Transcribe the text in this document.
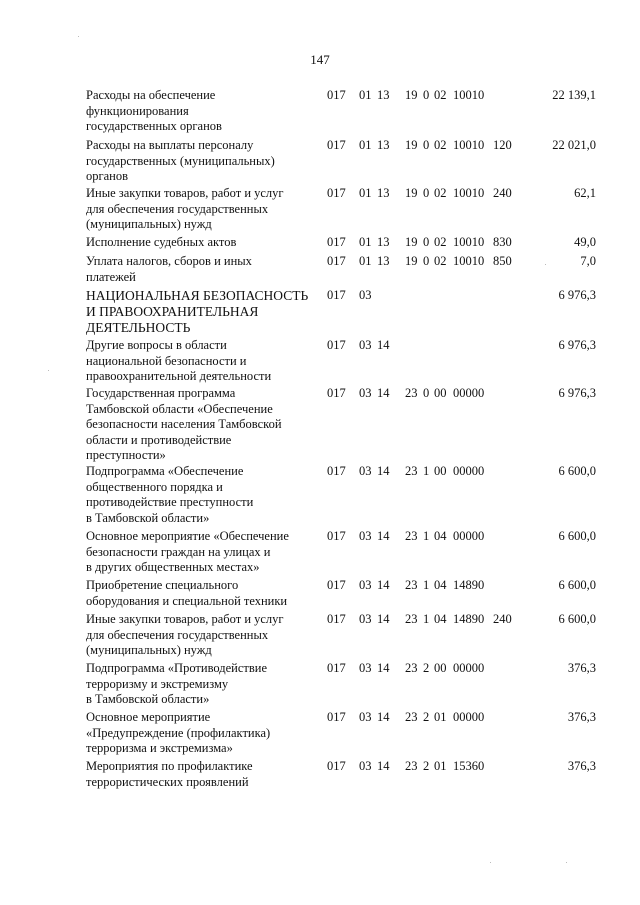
147
Расходы на обеспечение
функционирования
государственных органов
017 01 13 19 0 02 10010	22 139,1
Расходы на выплаты персоналу
государственных (муниципальных)
органов
017 01 13 19 0 02 10010 120	22 021,0
Иные закупки товаров, работ и услуг
для обеспечения государственных
(муниципальных) нужд
017 01 13 19 0 02 10010 240	62,1
Исполнение судебных актов	017 01 13 19 0 02 10010 830	49,0
Уплата налогов, сборов и иных
платежей
017 01 13 19 0 02 10010 850	7,0
НАЦИОНАЛЬНАЯ БЕЗОПАСНОСТЬ
И ПРАВООХРАНИТЕЛЬНАЯ
ДЕЯТЕЛЬНОСТЬ
017 03	6 976,3
Другие вопросы в области
национальной безопасности и
правоохранительной деятельности
017 03 14	6 976,3
Государственная программа
Тамбовской области «Обеспечение
безопасности населения Тамбовской
области и противодействие
преступности»
017 03 14 23 0 00 00000	6 976,3
Подпрограмма «Обеспечение
общественного порядка и
противодействие преступности
в Тамбовской области»
017 03 14 23 1 00 00000	6 600,0
Основное мероприятие «Обеспечение
безопасности граждан на улицах и
в других общественных местах»
017 03 14 23 1 04 00000	6 600,0
Приобретение специального
оборудования и специальной техники
017 03 14 23 1 04 14890	6 600,0
Иные закупки товаров, работ и услуг
для обеспечения государственных
(муниципальных) нужд
017 03 14 23 1 04 14890 240	6 600,0
Подпрограмма «Противодействие
терроризму и экстремизму
в Тамбовской области»
017 03 14 23 2 00 00000	376,3
Основное мероприятие
«Предупреждение (профилактика)
терроризма и экстремизма»
017 03 14 23 2 01 00000	376,3
Мероприятия по профилактике
террористических проявлений
017 03 14 23 2 01 15360	376,3
